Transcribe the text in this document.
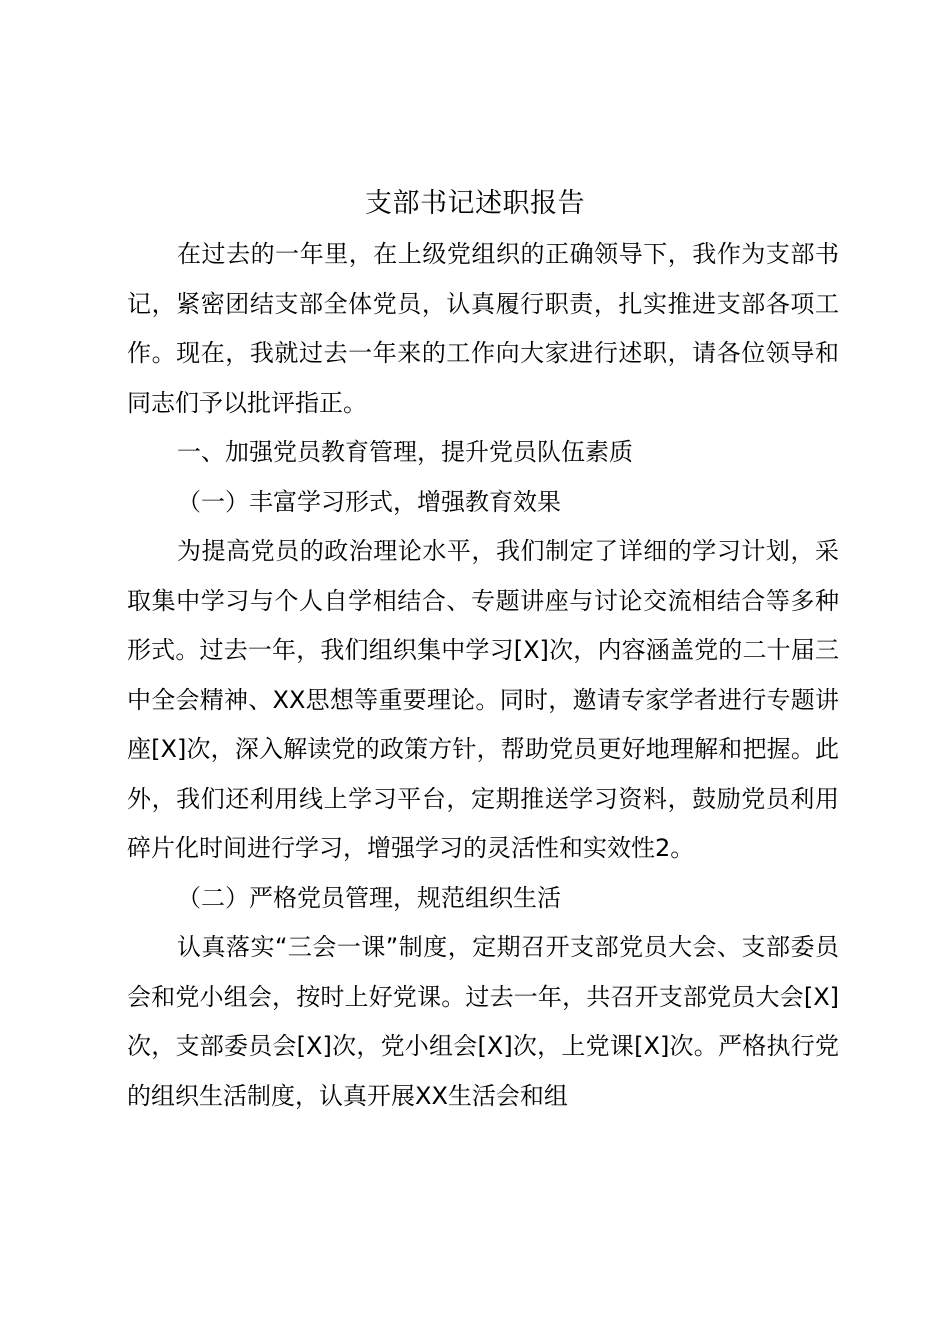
支部书记述职报告

在过去的一年里，在上级党组织的正确领导下，我作为支部书记，紧密团结支部全体党员，认真履行职责，扎实推进支部各项工作。现在，我就过去一年来的工作向大家进行述职，请各位领导和同志们予以批评指正。

一、加强党员教育管理，提升党员队伍素质

（一）丰富学习形式，增强教育效果

为提高党员的政治理论水平，我们制定了详细的学习计划，采取集中学习与个人自学相结合、专题讲座与讨论交流相结合等多种形式。过去一年，我们组织集中学习[X]次，内容涵盖党的二十届三中全会精神、XX思想等重要理论。同时，邀请专家学者进行专题讲座[X]次，深入解读党的政策方针，帮助党员更好地理解和把握。此外，我们还利用线上学习平台，定期推送学习资料，鼓励党员利用碎片化时间进行学习，增强学习的灵活性和实效性2。

（二）严格党员管理，规范组织生活

认真落实“三会一课”制度，定期召开支部党员大会、支部委员会和党小组会，按时上好党课。过去一年，共召开支部党员大会[X]次，支部委员会[X]次，党小组会[X]次，上党课[X]次。严格执行党的组织生活制度，认真开展XX生活会和组
